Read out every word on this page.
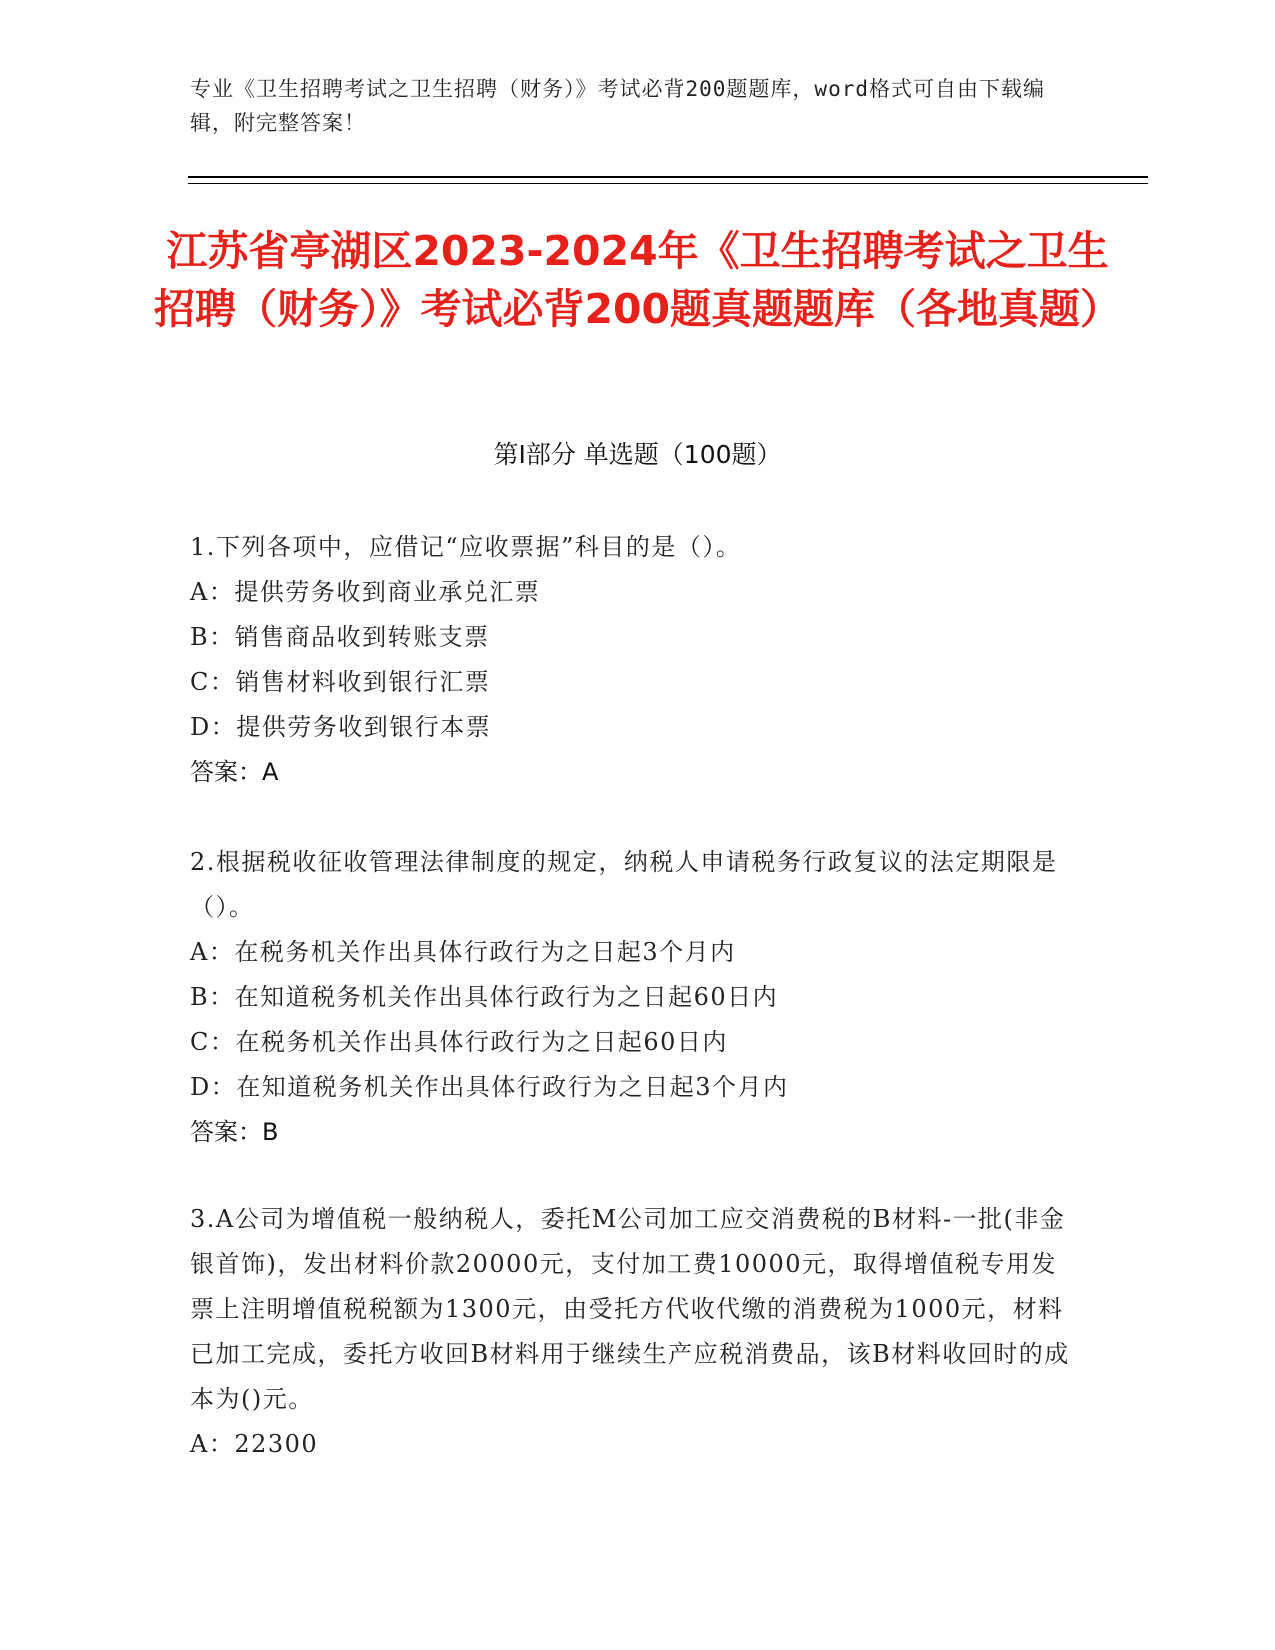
专业《卫生招聘考试之卫生招聘（财务）》考试必背200题题库，word格式可自由下载编辑，附完整答案！
江苏省亭湖区2023-2024年《卫生招聘考试之卫生招聘（财务）》考试必背200题真题题库（各地真题）
第I部分 单选题（100题）
1.下列各项中，应借记“应收票据”科目的是（）。
A：提供劳务收到商业承兑汇票
B：销售商品收到转账支票
C：销售材料收到银行汇票
D：提供劳务收到银行本票
答案：A
2.根据税收征收管理法律制度的规定，纳税人申请税务行政复议的法定期限是（）。
A：在税务机关作出具体行政行为之日起3个月内
B：在知道税务机关作出具体行政行为之日起60日内
C：在税务机关作出具体行政行为之日起60日内
D：在知道税务机关作出具体行政行为之日起3个月内
答案：B
3.A公司为增值税一般纳税人，委托M公司加工应交消费税的B材料-一批(非金银首饰)，发出材料价款20000元，支付加工费10000元，取得增值税专用发票上注明增值税税额为1300元，由受托方代收代缴的消费税为1000元，材料已加工完成，委托方收回B材料用于继续生产应税消费品，该B材料收回时的成本为()元。
A：22300
